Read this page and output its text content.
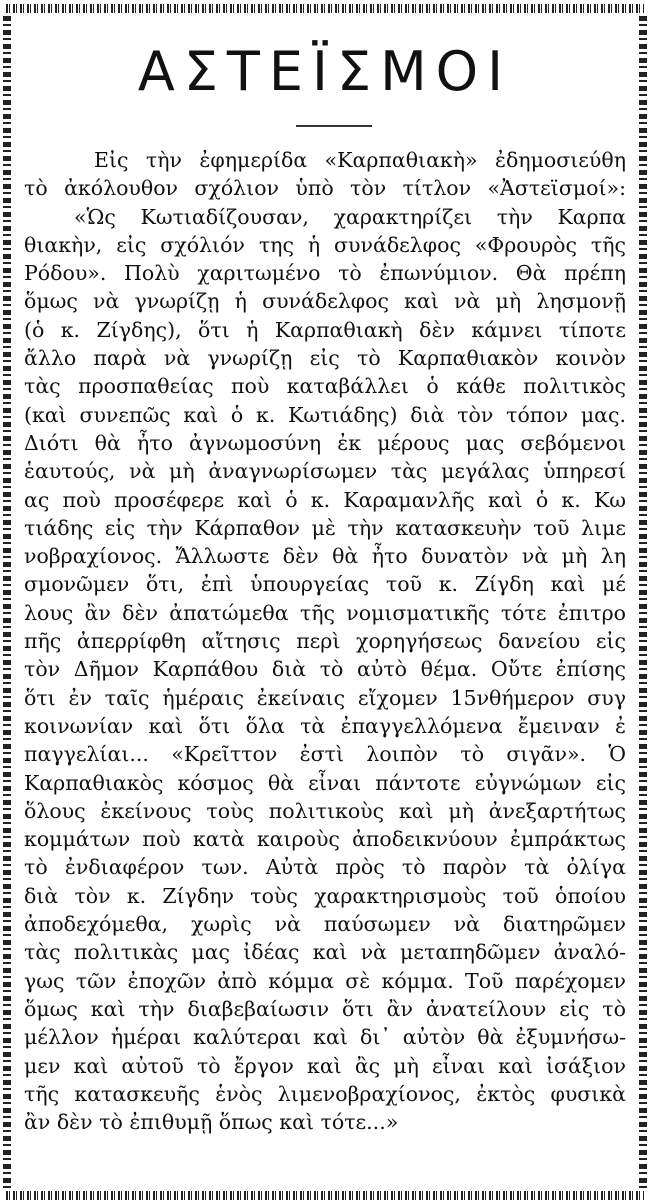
ΑΣΤΕΪΣΜΟΙ
Εἰς τὴν ἐφημερίδα «Καρπαθιακὴ» ἐδημοσιεύθη
τὸ ἀκόλουθον σχόλιον ὑπὸ τὸν τίτλον «Ἀστεϊσμοί»:
«Ὡς Κωτιαδίζουσαν, χαρακτηρίζει τὴν Καρπα
θιακὴν, εἰς σχόλιόν της ἡ συνάδελφος «Φρουρὸς τῆς
Ρόδου». Πολὺ χαριτωμένο τὸ ἐπωνύμιον. Θὰ πρέπη
ὅμως νὰ γνωρίζῃ ἡ συνάδελφος καὶ νὰ μὴ λησμονῇ
(ὁ κ. Ζίγδης), ὅτι ἡ Καρπαθιακὴ δὲν κάμνει τίποτε
ἄλλο παρὰ νὰ γνωρίζῃ εἰς τὸ Καρπαθιακὸν κοινὸν
τὰς προσπαθείας ποὺ καταβάλλει ὁ κάθε πολιτικὸς
(καὶ συνεπῶς καὶ ὁ κ. Κωτιάδης) διὰ τὸν τόπον μας.
Διότι θὰ ἦτο ἀγνωμοσύνη ἐκ μέρους μας σεβόμενοι
ἑαυτούς, νὰ μὴ ἀναγνωρίσωμεν τὰς μεγάλας ὑπηρεσί
ας ποὺ προσέφερε καὶ ὁ κ. Καραμανλῆς καὶ ὁ κ. Κω
τιάδης εἰς τὴν Κάρπαθον μὲ τὴν κατασκευὴν τοῦ λιμε
νοβραχίονος. Ἄλλωστε δὲν θὰ ἦτο δυνατὸν νὰ μὴ λη
σμονῶμεν ὅτι, ἐπὶ ὑπουργείας τοῦ κ. Ζίγδη καὶ μέ
λους ἂν δὲν ἀπατώμεθα τῆς νομισματικῆς τότε ἐπιτρο
πῆς ἀπερρίφθη αἴτησις περὶ χορηγήσεως δανείου εἰς
τὸν Δῆμον Καρπάθου διὰ τὸ αὐτὸ θέμα. Οὔτε ἐπίσης
ὅτι ἐν ταῖς ἡμέραις ἐκείναις εἴχομεν 15νθήμερον συγ
κοινωνίαν καὶ ὅτι ὅλα τὰ ἐπαγγελλόμενα ἔμειναν ἐ
παγγελίαι... «Κρεῖττον ἐστὶ λοιπὸν τὸ σιγᾶν». Ὁ
Καρπαθιακὸς κόσμος θὰ εἶναι πάντοτε εὐγνώμων εἰς
ὅλους ἐκείνους τοὺς πολιτικοὺς καὶ μὴ ἀνεξαρτήτως
κομμάτων ποὺ κατὰ καιροὺς ἀποδεικνύουν ἐμπράκτως
τὸ ἐνδιαφέρον των. Αὐτὰ πρὸς τὸ παρὸν τὰ ὀλίγα
διὰ τὸν κ. Ζίγδην τοὺς χαρακτηρισμοὺς τοῦ ὁποίου
ἀποδεχόμεθα, χωρὶς νὰ παύσωμεν νὰ διατηρῶμεν
τὰς πολιτικὰς μας ἰδέας καὶ νὰ μεταπηδῶμεν ἀναλό-
γως τῶν ἐποχῶν ἀπὸ κόμμα σὲ κόμμα. Τοῦ παρέχομεν
ὅμως καὶ τὴν διαβεβαίωσιν ὅτι ἂν ἀνατείλουν εἰς τὸ
μέλλον ἡμέραι καλύτεραι καὶ δι᾽ αὐτὸν θὰ ἐξυμνήσω-
μεν καὶ αὐτοῦ τὸ ἔργον καὶ ἂς μὴ εἶναι καὶ ἰσάξιον
τῆς κατασκευῆς ἑνὸς λιμενοβραχίονος, ἐκτὸς φυσικὰ
ἂν δὲν τὸ ἐπιθυμῇ ὅπως καὶ τότε...»
